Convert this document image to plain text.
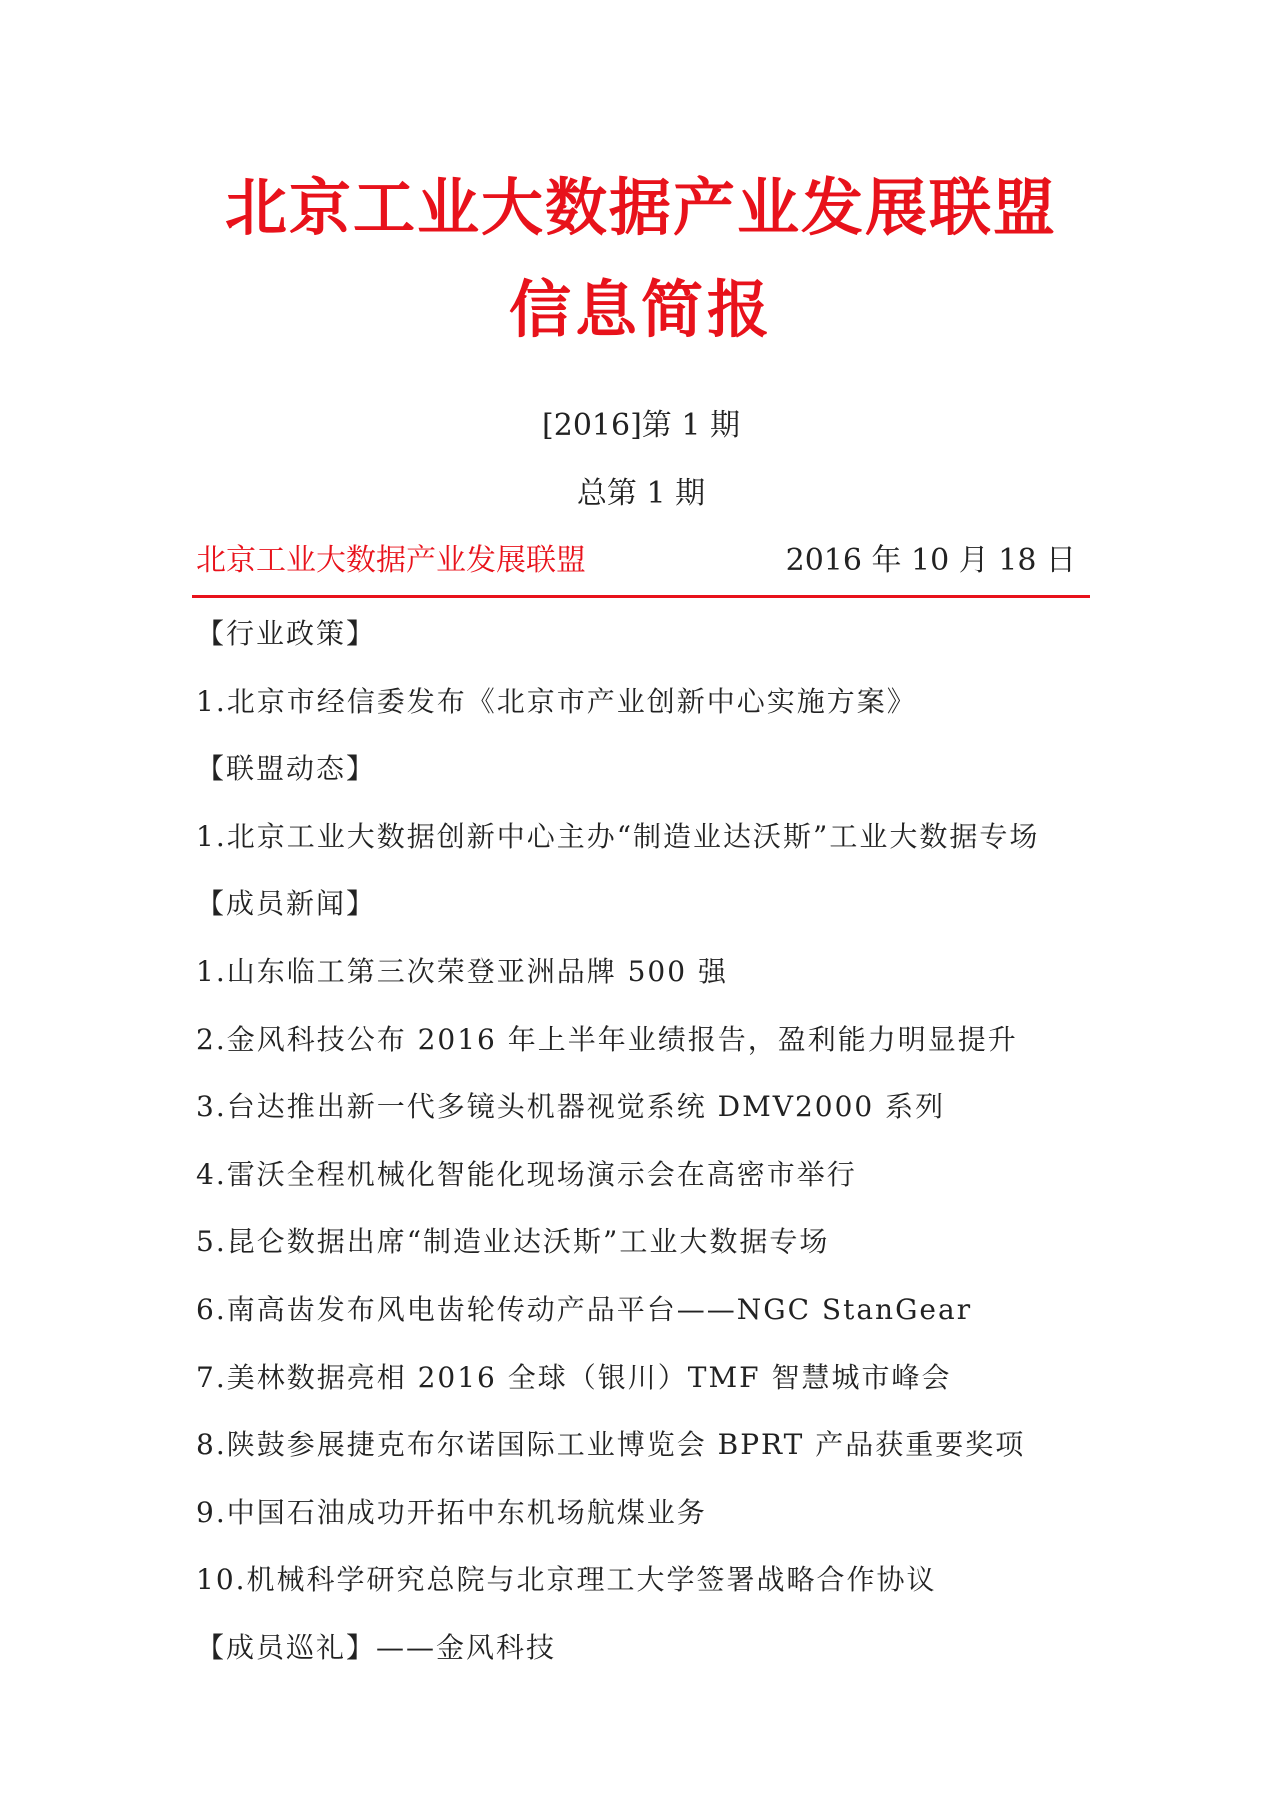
北京工业大数据产业发展联盟
信息简报
[2016]第 1 期
总第 1 期
北京工业大数据产业发展联盟	2016 年 10 月 18 日
【行业政策】
1.北京市经信委发布《北京市产业创新中心实施方案》
【联盟动态】
1.北京工业大数据创新中心主办“制造业达沃斯”工业大数据专场
【成员新闻】
1.山东临工第三次荣登亚洲品牌 500 强
2.金风科技公布 2016 年上半年业绩报告，盈利能力明显提升
3.台达推出新一代多镜头机器视觉系统 DMV2000 系列
4.雷沃全程机械化智能化现场演示会在高密市举行
5.昆仑数据出席“制造业达沃斯”工业大数据专场
6.南高齿发布风电齿轮传动产品平台——NGC StanGear
7.美林数据亮相 2016 全球（银川）TMF 智慧城市峰会
8.陕鼓参展捷克布尔诺国际工业博览会 BPRT 产品获重要奖项
9.中国石油成功开拓中东机场航煤业务
10.机械科学研究总院与北京理工大学签署战略合作协议
【成员巡礼】——金风科技
